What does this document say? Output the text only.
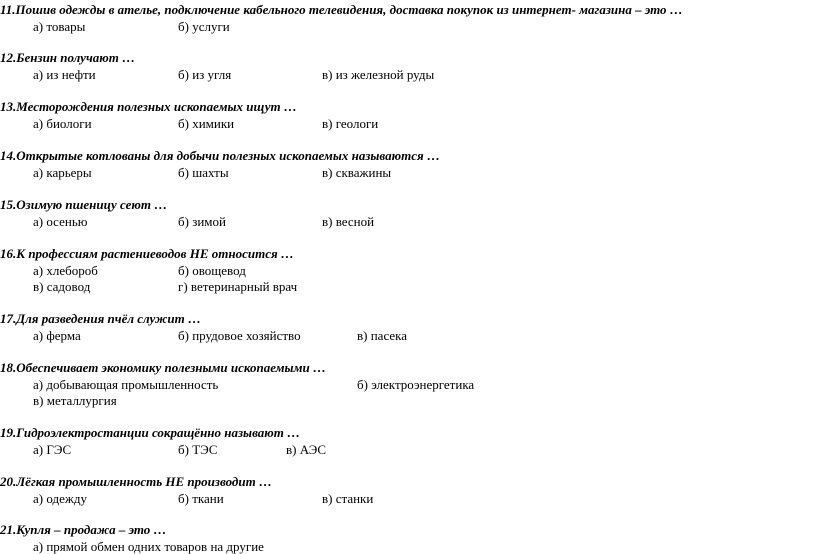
11.Пошив одежды в ателье, подключение кабельного телевидения, доставка покупок из интернет- магазина – это …
а) товары	б) услуги
12.Бензин получают …
а) из нефти	б) из угля	в) из железной руды
13.Месторождения полезных ископаемых ищут …
а) биологи	б) химики	в) геологи
14.Открытые котлованы для добычи полезных ископаемых называются …
а) карьеры	б) шахты	в) скважины
15.Озимую пшеницу сеют …
а) осенью	б) зимой	в) весной
16.К профессиям растениеводов НЕ относится …
а) хлебороб	б) овощевод
в) садовод	г) ветеринарный врач
17.Для разведения пчёл служит …
а) ферма	б) прудовое хозяйство	в) пасека
18.Обеспечивает экономику полезными ископаемыми …
а) добывающая промышленность	б) электроэнергетика
в) металлургия
19.Гидроэлектростанции сокращённо называют …
а) ГЭС	б) ТЭС	в) АЭС
20.Лёгкая промышленность НЕ производит …
а) одежду	б) ткани	в) станки
21.Купля – продажа – это …
а) прямой обмен одних товаров на другие
